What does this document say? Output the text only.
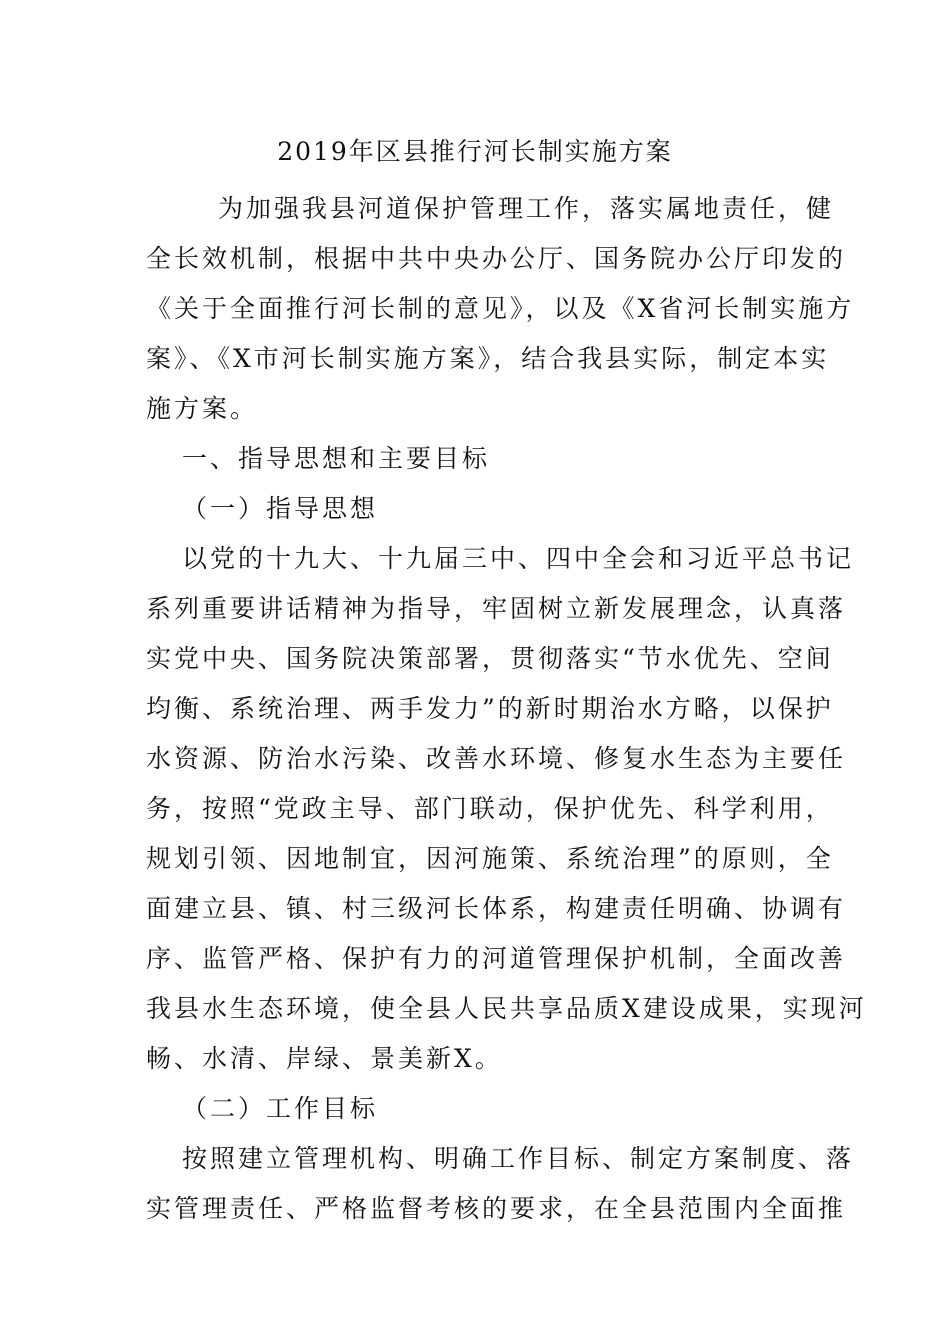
2019年区县推行河长制实施方案
为加强我县河道保护管理工作，落实属地责任，健
全长效机制，根据中共中央办公厅、国务院办公厅印发的
《关于全面推行河长制的意见》，以及《X省河长制实施方
案》、《X市河长制实施方案》，结合我县实际，制定本实
施方案。
一、指导思想和主要目标
（一）指导思想
以党的十九大、十九届三中、四中全会和习近平总书记
系列重要讲话精神为指导，牢固树立新发展理念，认真落
实党中央、国务院决策部署，贯彻落实“节水优先、空间
均衡、系统治理、两手发力”的新时期治水方略，以保护
水资源、防治水污染、改善水环境、修复水生态为主要任
务，按照“党政主导、部门联动，保护优先、科学利用，
规划引领、因地制宜，因河施策、系统治理”的原则，全
面建立县、镇、村三级河长体系，构建责任明确、协调有
序、监管严格、保护有力的河道管理保护机制，全面改善
我县水生态环境，使全县人民共享品质X建设成果，实现河
畅、水清、岸绿、景美新X。
（二）工作目标
按照建立管理机构、明确工作目标、制定方案制度、落
实管理责任、严格监督考核的要求，在全县范围内全面推
